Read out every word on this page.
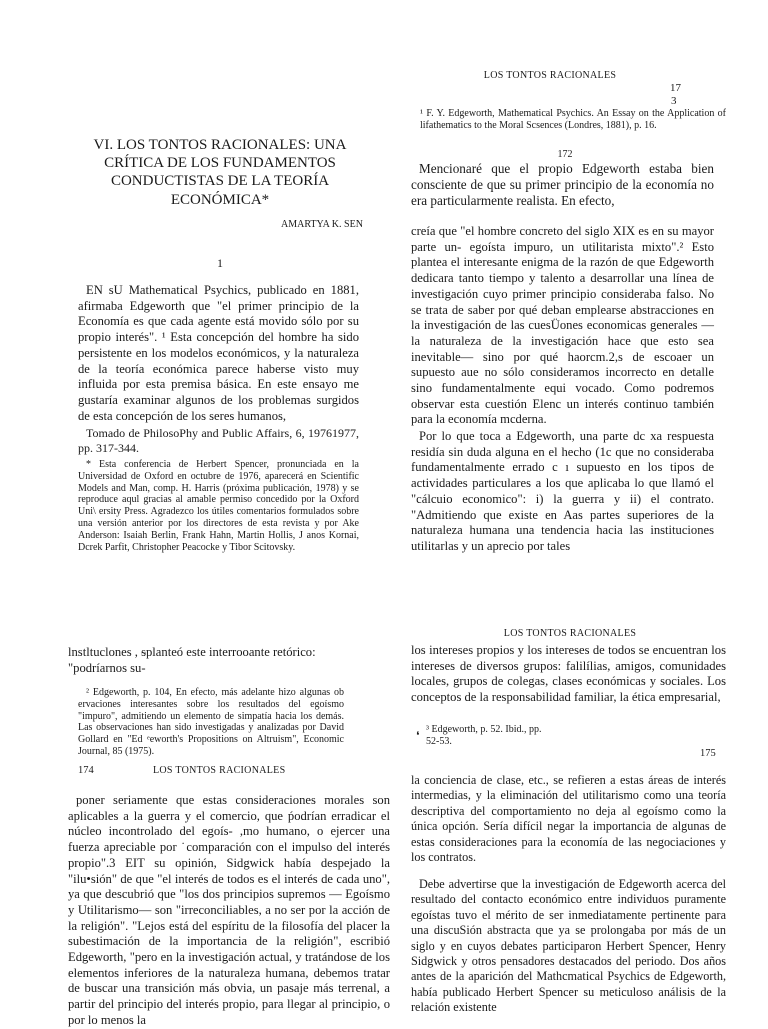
LOS TONTOS RACIONALES
17
3
¹ F. Y. Edgeworth, Mathematical Psychics. An Essay on the Application of lifathematics to the Moral Scsences (Londres, 1881), p. 16.
172
Mencionaré que el propio Edgeworth estaba bien consciente de que su primer principio de la economía no era particularmente realista. En efecto,
creía que "el hombre concreto del siglo XIX es en su mayor parte un- egoísta impuro, un utilitarista mixto".² Esto plantea el interesante enigma de la razón de que Edgeworth dedicara tanto tiempo y talento a desarrollar una línea de investigación cuyo primer principio consideraba falso. No se trata de saber por qué deban emplearse abstracciones en la investigación de las cuesÜones economicas generales —la naturaleza de la investigación hace que esto sea inevitable— sino por qué haorcm.2,s de escoaer un supuesto aue no sólo consideramos incorrecto en detalle sino fundamentalmente equi vocado. Como podremos observar esta cuestión Elenc un interés continuo también para la economía mcderna.
Por lo que toca a Edgeworth, una parte dc xa respuesta residía sin duda alguna en el hecho (1c que no consideraba fundamentalmente errado c ı supuesto en los tipos de actividades particulares a los que aplicaba lo que llamó el "cálcuio economico": i) la guerra y ii) el contrato. "Admitiendo que existe en Aas partes superiores de la naturaleza humana una tendencia hacia las instituciones utilitarlas y un aprecio por tales
VI. LOS TONTOS RACIONALES: UNA CRÍTICA DE LOS FUNDAMENTOS CONDUCTISTAS DE LA TEORÍA ECONÓMICA*
AMARTYA K. SEN
1
EN sU Mathematical Psychics, publicado en 1881, afirmaba Edgeworth que "el primer principio de la Economía es que cada agente está movido sólo por su propio interés". ¹ Esta concepción del hombre ha sido persistente en los modelos económicos, y la naturaleza de la teoría económica parece haberse visto muy influida por esta premisa básica. En este ensayo me gustaría examinar algunos de los problemas surgidos de esta concepción de los seres humanos,
Tomado de PhilosoPhy and Public Affairs, 6, 19761977, pp. 317-344.
* Esta conferencia de Herbert Spencer, pronunciada en la Universidad de Oxford en octubre de 1976, aparecerá en Scientific Models and Man, comp. H. Harris (próxima publicación, 1978) y se reproduce aqul gracias al amable permiso concedido por la Oxford Uni\ ersity Press. Agradezco los útiles comentarios formulados sobre una versión anterior por los directores de esta revista y por Ake Anderson: Isaiah Berlin, Frank Hahn, Martin Hollis, J anos Kornai, Dcrek Parfit, Christopher Peacocke y Tibor Scitovsky.
lnstltuclones , ᵴplanteó este interrooante retórico: "podríarnos su-
² Edgeworth, p. 104, En efecto, más adelante hizo algunas ob ervaciones interesantes sobre los resultados del egoísmo "impuro", admitiendo un elemento de simpatía hacia los demás. Las observaciones han sido investigadas y analizadas por David Gollard en "Ed ᵉeworth's Propositions on Altruism", Economic Journal, 85 (1975).
174	LOS TONTOS RACIONALES
poner seriamente que estas consideraciones morales son aplicables a la guerra y el comercio, que ṕodrían erradicar el núcleo incontrolado del egoís- ,mo humano, o ejercer una fuerza apreciable por ˙comparación con el impulso del interés propio".3 EIT su opinión, Sidgwick había despejado la "ilu•sión" de que "el interés de todos es el interés de cada uno", ya que descubrió que "los dos principios supremos — Egoísmo y Utilitarismo— son "irreconciliables, a no ser por la acción de la religión". "Lejos está del espíritu de la filosofía del placer la subestimación de la importancia de la religión", escribió Edgeworth, "pero en la investigación actual, y tratándose de los elementos inferiores de la naturaleza humana, debemos tratar de buscar una transición más obvia, un pasaje más terrenal, a partir del principio del interés propio, para llegar al principio, o por lo menos la
LOS TONTOS RACIONALES
los intereses propios y los intereses de todos se encuentran los intereses de diversos grupos: falilílias, amigos, comunidades locales, grupos de colegas, clases económicas y sociales. Los conceptos de la responsabilidad familiar, la ética empresarial,
❛
³ Edgeworth, p. 52. Ibid., pp. 52-53.
175
la conciencia de clase, etc., se refieren a estas áreas de interés intermedias, y la eliminación del utilitarismo como una teoría descriptiva del comportamiento no deja al egoísmo como la única opción. Sería difícil negar la importancia de algunas de estas consideraciones para la economía de las negociaciones y los contratos.
Debe advertirse que la investigación de Edgeworth acerca del resultado del contacto económico entre individuos puramente egoístas tuvo el mérito de ser inmediatamente pertinente para una discuSión abstracta que ya se prolongaba por más de un siglo y en cuyos debates participaron Herbert Spencer, Henry Sidgwick y otros pensadores destacados del periodo. Dos años antes de la aparición del Mathcmatical Psychics de Edgeworth, había publicado Herbert Spencer su meticuloso análisis de la relación existente
